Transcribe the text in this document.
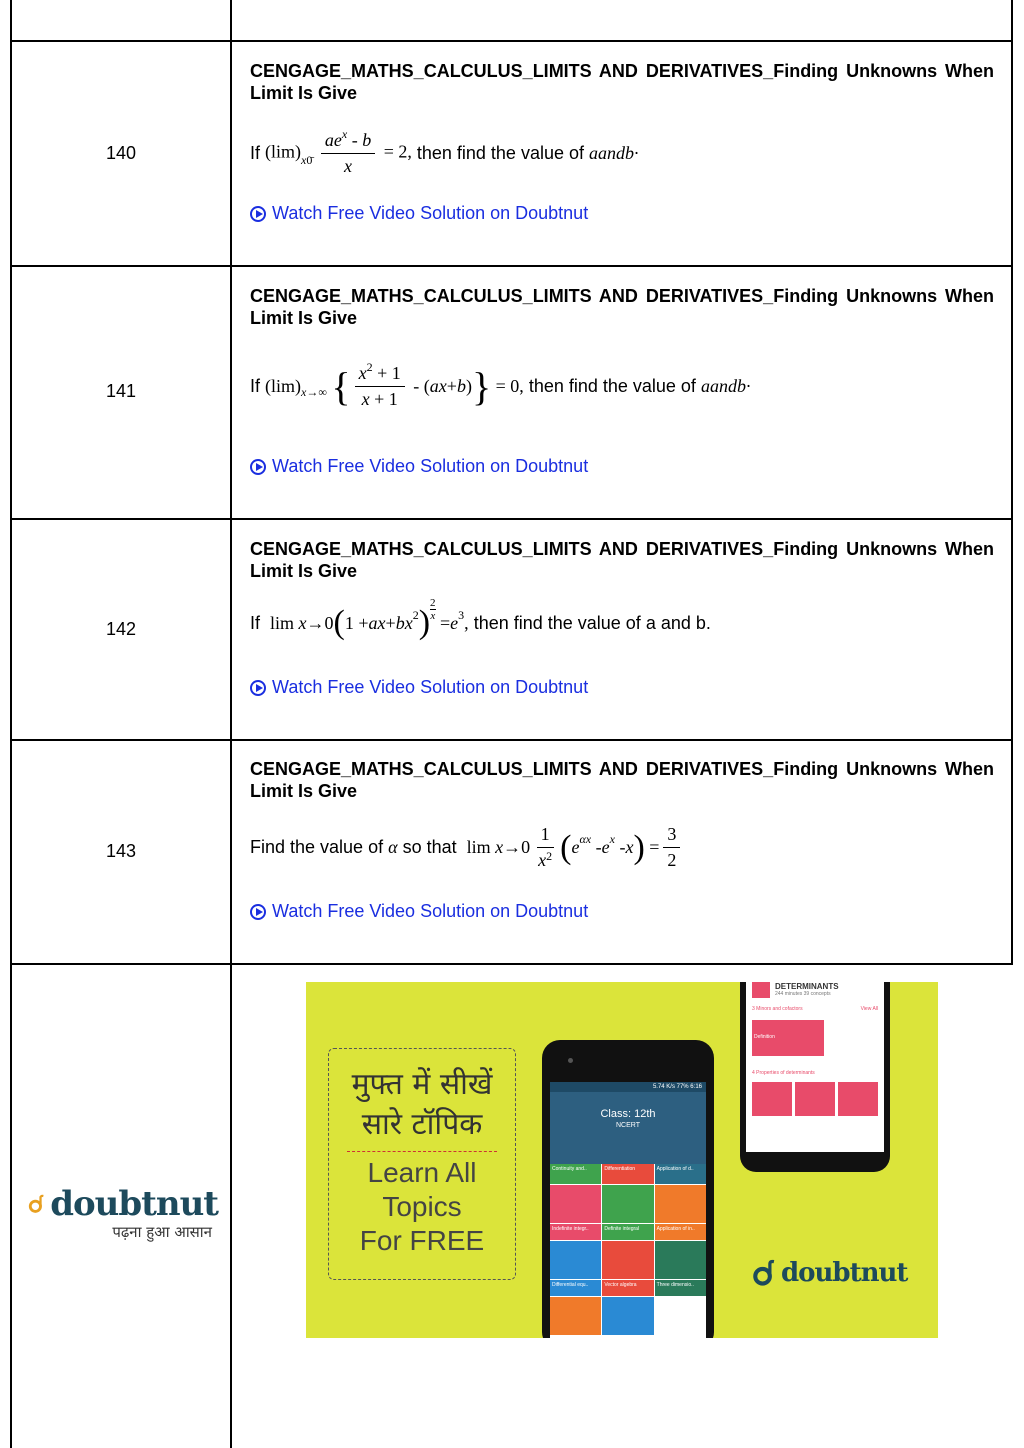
140

CENGAGE_MATHS_CALCULUS_LIMITS AND DERIVATIVES_Finding Unknowns When Limit Is Give

If
$(\lim)_{x0̄} \frac{ae^x - b}{x} = 2$,
then find the value of
aandb·
Watch Free Video Solution on Doubtnut
141

CENGAGE_MATHS_CALCULUS_LIMITS AND DERIVATIVES_Finding Unknowns When Limit Is Give

If
(lim) x→∞
{ $\frac{x^2 + 1}{x + 1}$ - ( ax + b ) } = 0,
then find the value of
aandb·
Watch Free Video Solution on Doubtnut
142

CENGAGE_MATHS_CALCULUS_LIMITS AND DERIVATIVES_Finding Unknowns When Limit Is Give

If
lim x →0 ( 1 + ax + bx 2 )
2
x = e 3 ,
then find the value of a and b.
Watch Free Video Solution on Doubtnut
143

CENGAGE_MATHS_CALCULUS_LIMITS AND DERIVATIVES_Finding Unknowns When Limit Is Give

Find the value of
α
so that
$\lim x \to 0 \frac{1}{x^2}$ ( e αx - e x - x ) = $\frac{3}{2}$
Watch Free Video Solution on Doubtnut
doubtnut
पढ़ना हुआ आसान
मुफ्त में सीखें
सारे टॉपिक
Learn All
Topics
For FREE
5.74 K/s 77% 6:16
Class: 12th
NCERT
Continuity and..	Differentiation	Application of d..
Indefinite integr..	Definite integral	Application of in..
Differential equ..	Vector algebra	Three dimensio..
DETERMINANTS
244 minutes 39 concepts
3 Minors and cofactors	View All
Definition
4 Properties of determinants
doubtnut
